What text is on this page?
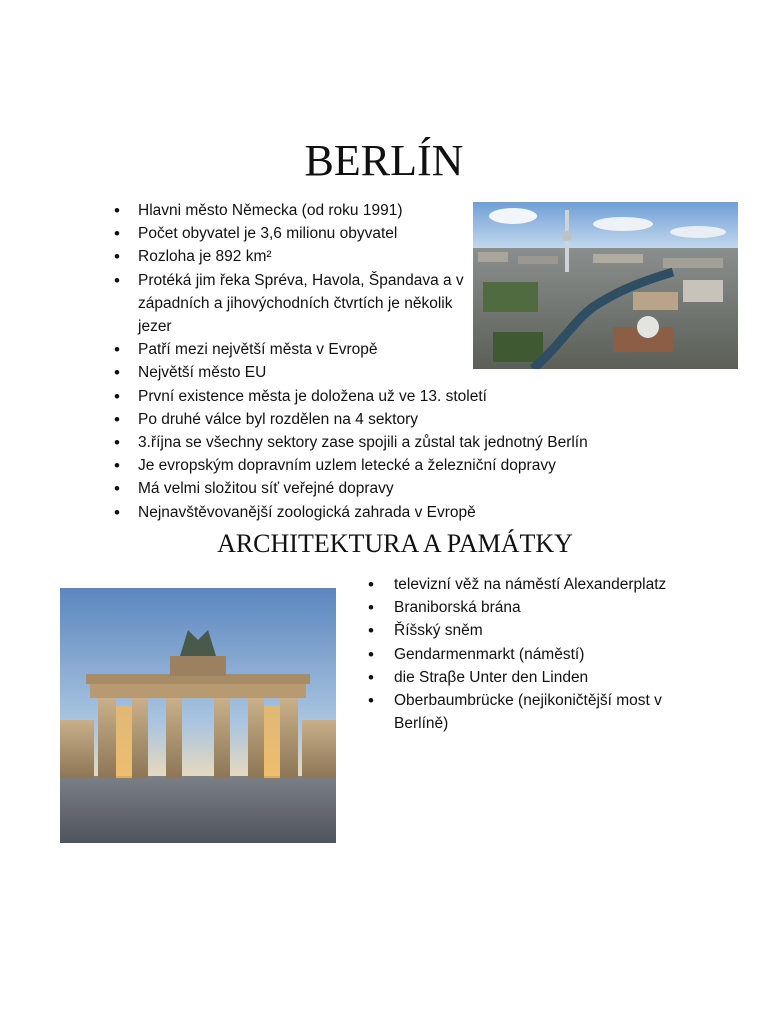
BERLÍN
• Hlavni město Německa (od roku 1991)
• Počet obyvatel je 3,6 milionu obyvatel
• Rozloha je 892 km²
• Protéká jim řeka Spréva, Havola, Špandava a v západních a jihovýchodních čtvrtích je několik jezer
• Patří mezi největší města v Evropě
• Největší město EU
• První existence města je doložena už ve 13. století
• Po druhé válce byl rozdělen na 4 sektory
• 3.října se všechny sektory zase spojili a zůstal tak jednotný Berlín
• Je evropským dopravním uzlem letecké a železniční dopravy
• Má velmi složitou síť veřejné dopravy
• Nejnavštěvovanější zoologická zahrada v Evropě
ARCHITEKTURA A PAMÁTKY
• televizní věž na náměstí Alexanderplatz
• Braniborská brána
• Říšský sněm
• Gendarmenmarkt (náměstí)
• die Straβe Unter den Linden
• Oberbaumbrücke (nejikoničtější most v Berlíně)
